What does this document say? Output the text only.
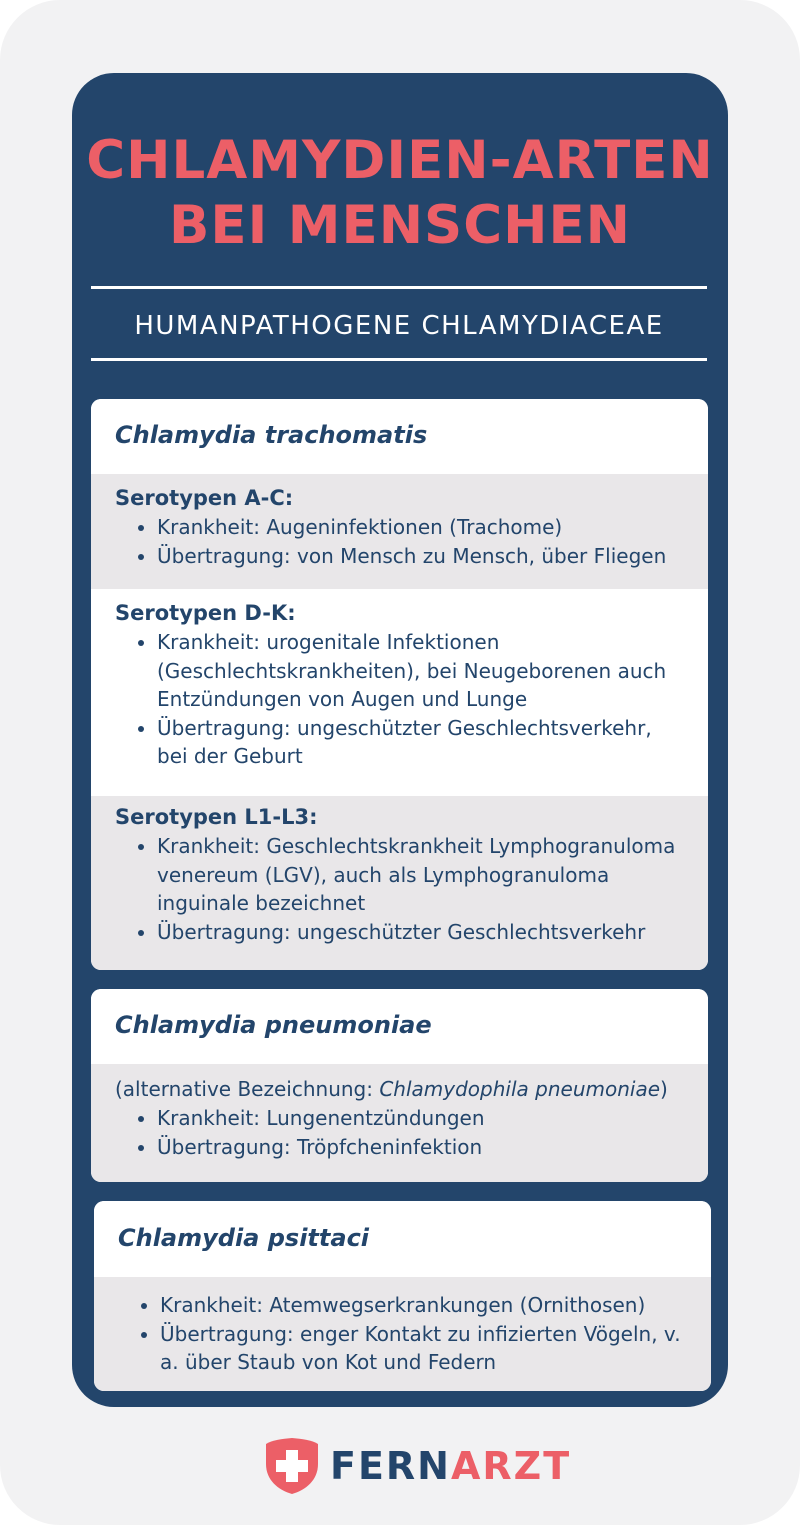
CHLAMYDIEN-ARTEN
BEI MENSCHEN
HUMANPATHOGENE CHLAMYDIACEAE
Chlamydia trachomatis

Serotypen A-C:

Krankheit: Augeninfektionen (Trachome)
Übertragung: von Mensch zu Mensch, über Fliegen

Serotypen D-K:

Krankheit: urogenitale Infektionen (Geschlechtskrankheiten), bei Neugeborenen auch Entzündungen von Augen und Lunge
Übertragung: ungeschützter Geschlechtsverkehr, bei der Geburt

Serotypen L1-L3:

Krankheit: Geschlechtskrankheit Lymphogranuloma venereum (LGV), auch als Lymphogranuloma inguinale bezeichnet
Übertragung: ungeschützter Geschlechtsverkehr
Chlamydia pneumoniae

(alternative Bezeichnung: Chlamydophila pneumoniae)

Krankheit: Lungenentzündungen
Übertragung: Tröpfcheninfektion
Chlamydia psittaci
Krankheit: Atemwegserkrankungen (Ornithosen)
Übertragung: enger Kontakt zu infizierten Vögeln, v. a. über Staub von Kot und Federn
FERNARZT
